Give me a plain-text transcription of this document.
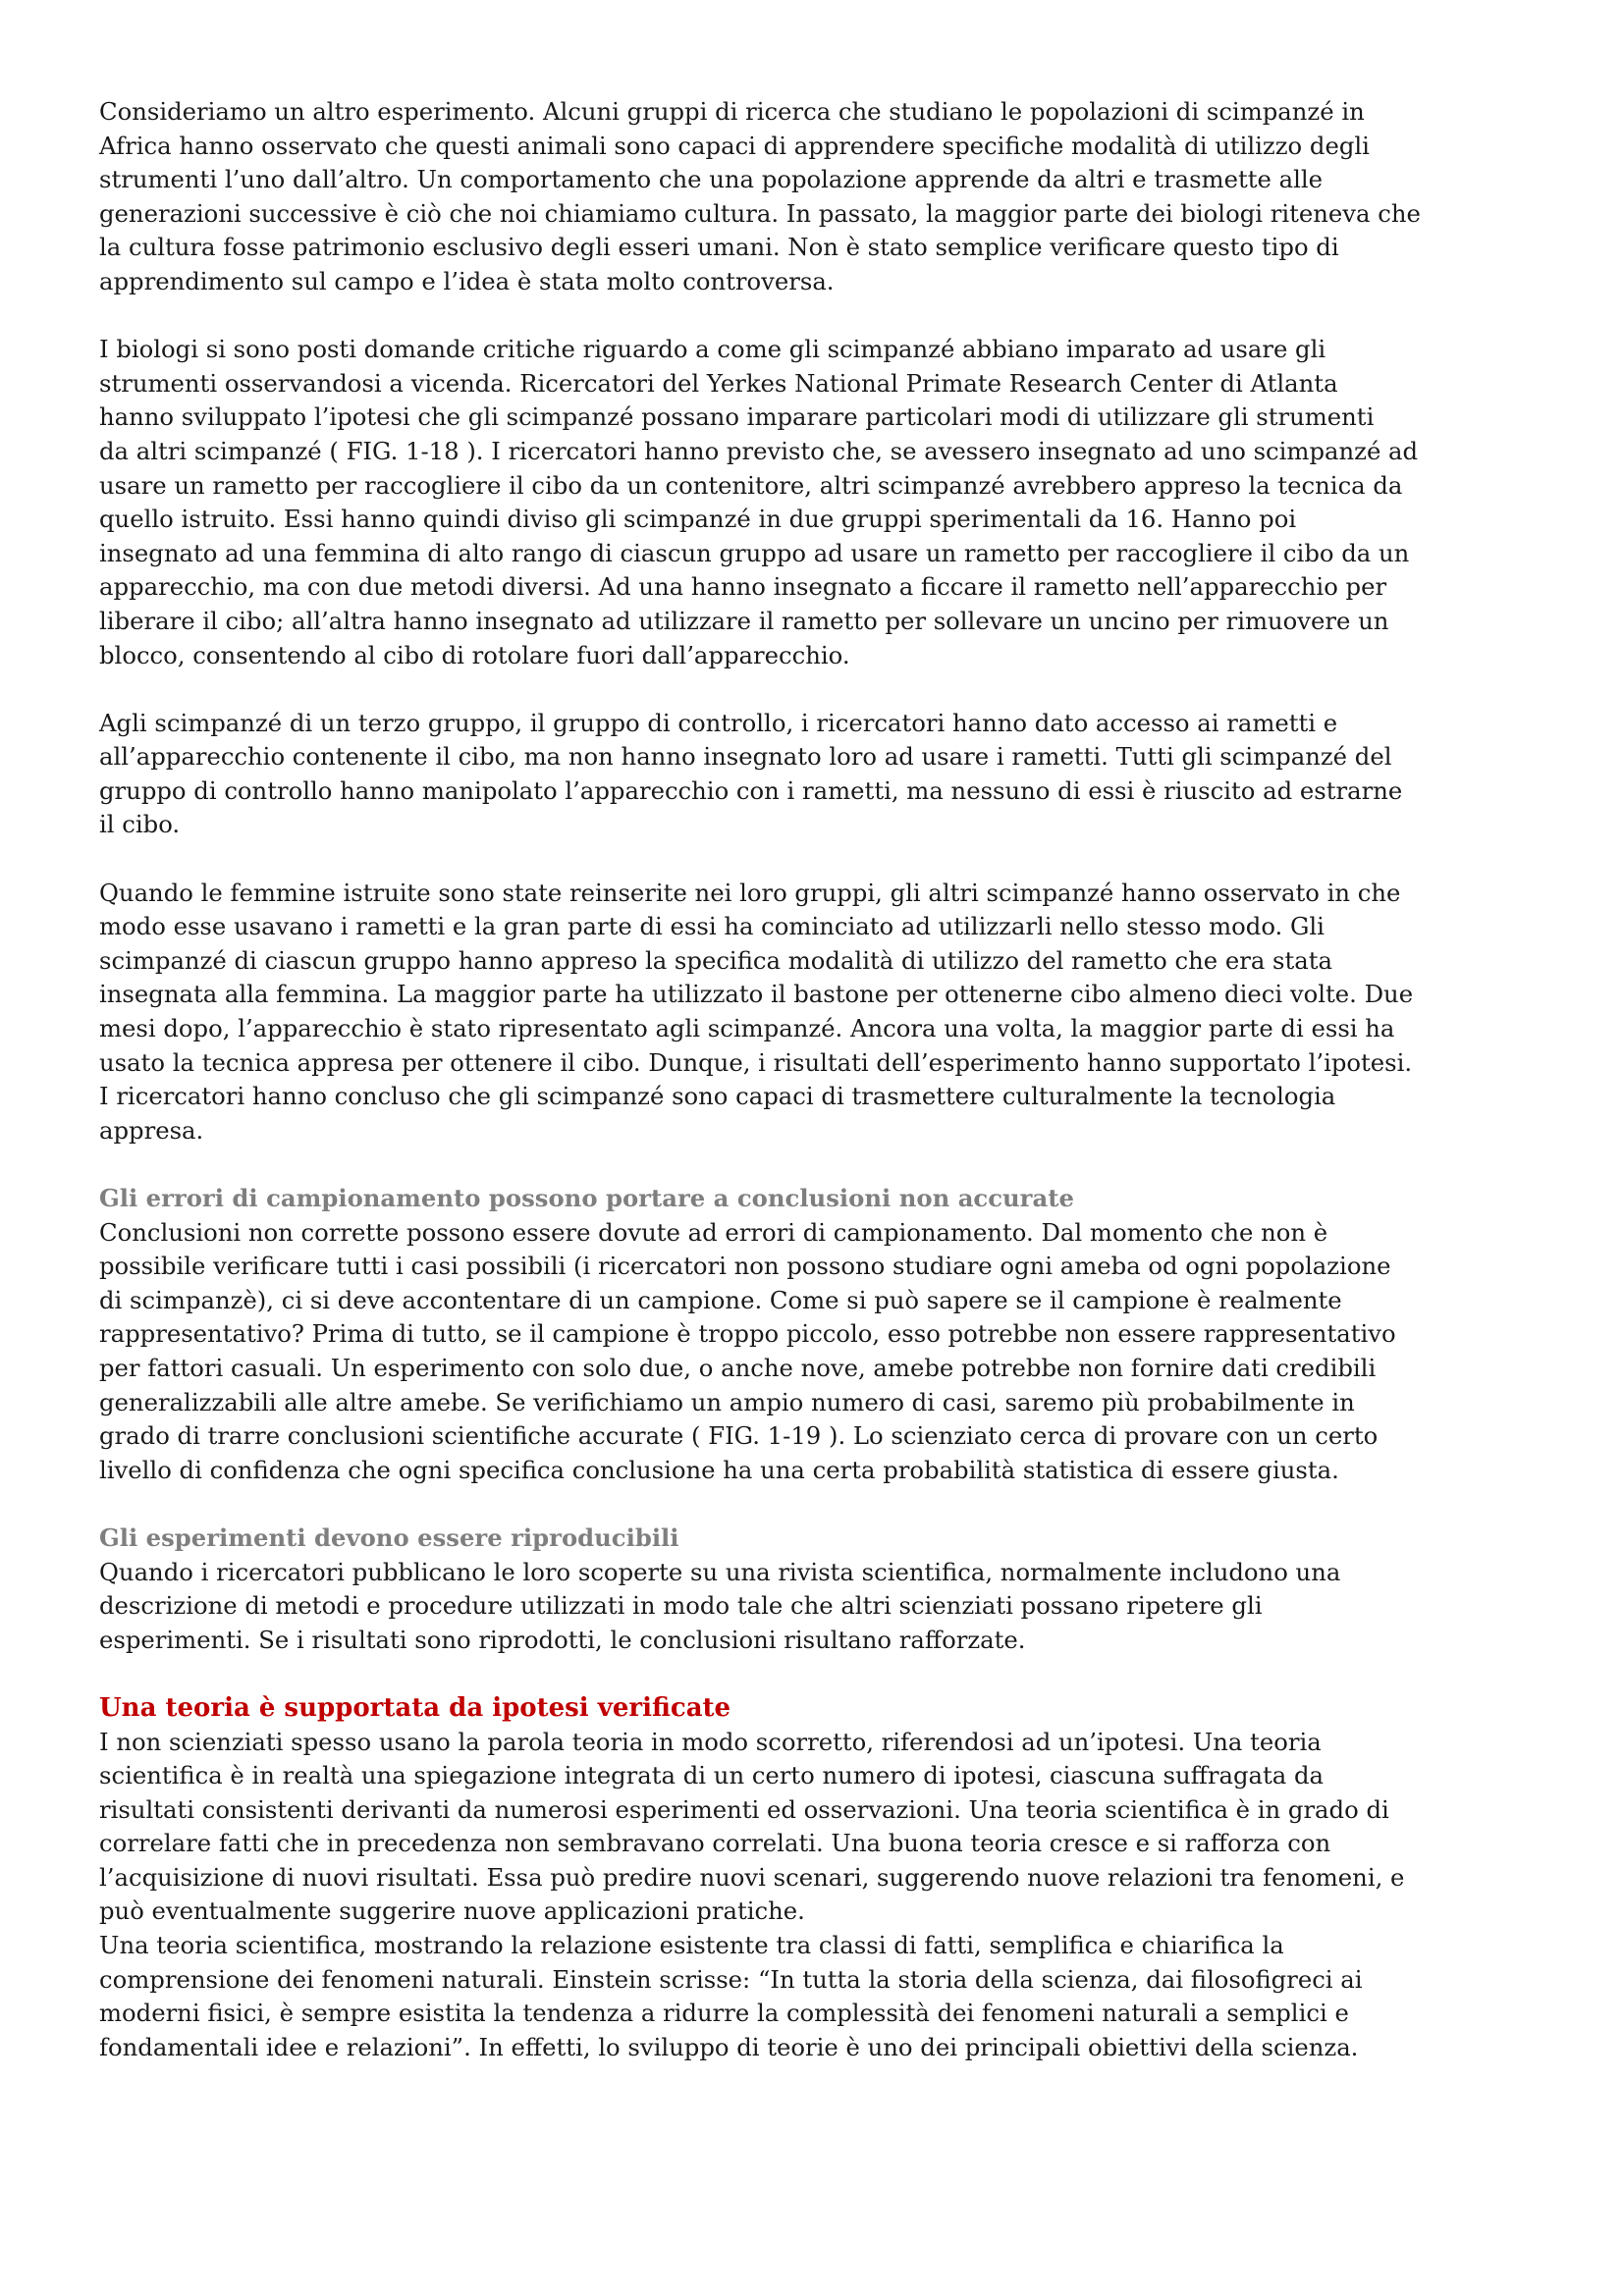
Consideriamo un altro esperimento. Alcuni gruppi di ricerca che studiano le popolazioni di scimpanzé in
Africa hanno osservato che questi animali sono capaci di apprendere specifiche modalità di utilizzo degli
strumenti l’uno dall’altro. Un comportamento che una popolazione apprende da altri e trasmette alle
generazioni successive è ciò che noi chiamiamo cultura. In passato, la maggior parte dei biologi riteneva che
la cultura fosse patrimonio esclusivo degli esseri umani. Non è stato semplice verificare questo tipo di
apprendimento sul campo e l’idea è stata molto controversa.

I biologi si sono posti domande critiche riguardo a come gli scimpanzé abbiano imparato ad usare gli
strumenti osservandosi a vicenda. Ricercatori del Yerkes National Primate Research Center di Atlanta
hanno sviluppato l’ipotesi che gli scimpanzé possano imparare particolari modi di utilizzare gli strumenti
da altri scimpanzé ( FIG. 1-18 ). I ricercatori hanno previsto che, se avessero insegnato ad uno scimpanzé ad
usare un rametto per raccogliere il cibo da un contenitore, altri scimpanzé avrebbero appreso la tecnica da
quello istruito. Essi hanno quindi diviso gli scimpanzé in due gruppi sperimentali da 16. Hanno poi
insegnato ad una femmina di alto rango di ciascun gruppo ad usare un rametto per raccogliere il cibo da un
apparecchio, ma con due metodi diversi. Ad una hanno insegnato a ficcare il rametto nell’apparecchio per
liberare il cibo; all’altra hanno insegnato ad utilizzare il rametto per sollevare un uncino per rimuovere un
blocco, consentendo al cibo di rotolare fuori dall’apparecchio.

Agli scimpanzé di un terzo gruppo, il gruppo di controllo, i ricercatori hanno dato accesso ai rametti e
all’apparecchio contenente il cibo, ma non hanno insegnato loro ad usare i rametti. Tutti gli scimpanzé del
gruppo di controllo hanno manipolato l’apparecchio con i rametti, ma nessuno di essi è riuscito ad estrarne
il cibo.

Quando le femmine istruite sono state reinserite nei loro gruppi, gli altri scimpanzé hanno osservato in che
modo esse usavano i rametti e la gran parte di essi ha cominciato ad utilizzarli nello stesso modo. Gli
scimpanzé di ciascun gruppo hanno appreso la specifica modalità di utilizzo del rametto che era stata
insegnata alla femmina. La maggior parte ha utilizzato il bastone per ottenerne cibo almeno dieci volte. Due
mesi dopo, l’apparecchio è stato ripresentato agli scimpanzé. Ancora una volta, la maggior parte di essi ha
usato la tecnica appresa per ottenere il cibo. Dunque, i risultati dell’esperimento hanno supportato l’ipotesi.
I ricercatori hanno concluso che gli scimpanzé sono capaci di trasmettere culturalmente la tecnologia
appresa.

Gli errori di campionamento possono portare a conclusioni non accurate

Conclusioni non corrette possono essere dovute ad errori di campionamento. Dal momento che non è
possibile verificare tutti i casi possibili (i ricercatori non possono studiare ogni ameba od ogni popolazione
di scimpanzè), ci si deve accontentare di un campione. Come si può sapere se il campione è realmente
rappresentativo? Prima di tutto, se il campione è troppo piccolo, esso potrebbe non essere rappresentativo
per fattori casuali. Un esperimento con solo due, o anche nove, amebe potrebbe non fornire dati credibili
generalizzabili alle altre amebe. Se verifichiamo un ampio numero di casi, saremo più probabilmente in
grado di trarre conclusioni scientifiche accurate ( FIG. 1-19 ). Lo scienziato cerca di provare con un certo
livello di confidenza che ogni specifica conclusione ha una certa probabilità statistica di essere giusta.

Gli esperimenti devono essere riproducibili

Quando i ricercatori pubblicano le loro scoperte su una rivista scientifica, normalmente includono una
descrizione di metodi e procedure utilizzati in modo tale che altri scienziati possano ripetere gli
esperimenti. Se i risultati sono riprodotti, le conclusioni risultano rafforzate.

Una teoria è supportata da ipotesi verificate

I non scienziati spesso usano la parola teoria in modo scorretto, riferendosi ad un’ipotesi. Una teoria
scientifica è in realtà una spiegazione integrata di un certo numero di ipotesi, ciascuna suffragata da
risultati consistenti derivanti da numerosi esperimenti ed osservazioni. Una teoria scientifica è in grado di
correlare fatti che in precedenza non sembravano correlati. Una buona teoria cresce e si rafforza con
l’acquisizione di nuovi risultati. Essa può predire nuovi scenari, suggerendo nuove relazioni tra fenomeni, e
può eventualmente suggerire nuove applicazioni pratiche.

Una teoria scientifica, mostrando la relazione esistente tra classi di fatti, semplifica e chiarifica la
comprensione dei fenomeni naturali. Einstein scrisse: “In tutta la storia della scienza, dai filosofigreci ai
moderni fisici, è sempre esistita la tendenza a ridurre la complessità dei fenomeni naturali a semplici e
fondamentali idee e relazioni”. In effetti, lo sviluppo di teorie è uno dei principali obiettivi della scienza.
